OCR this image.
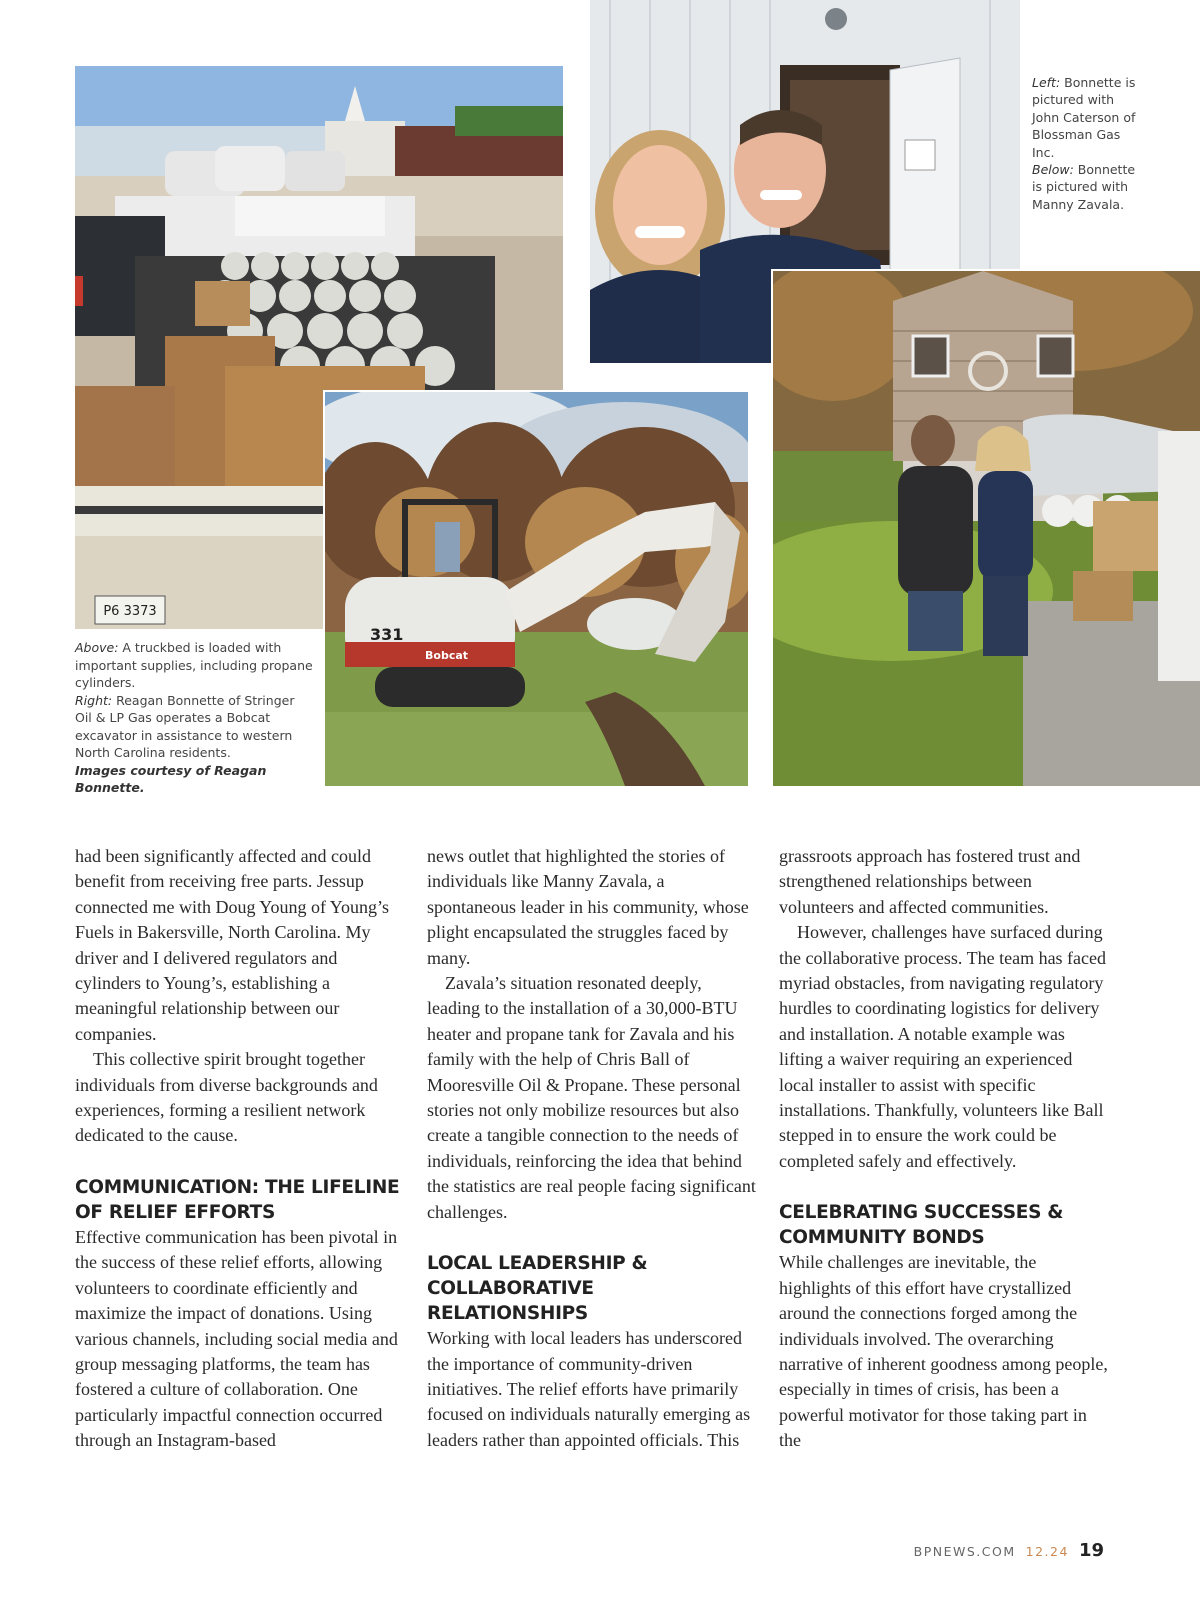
P6 3373
Left: Bonnette is pictured with John Caterson of Blossman Gas Inc.
Below: Bonnette is pictured with Manny Zavala.
331
Bobcat
Above: A truckbed is loaded with important supplies, including propane cylinders.
Right: Reagan Bonnette of Stringer Oil & LP Gas operates a Bobcat excavator in assistance to western North Carolina residents.
Images courtesy of Reagan Bonnette.

had been significantly affected and could benefit from receiving free parts. Jessup connected me with Doug Young of Young’s Fuels in Bakersville, North Carolina. My driver and I delivered regulators and cylinders to Young’s, establishing a meaningful relationship between our companies.

This collective spirit brought together individuals from diverse backgrounds and experiences, forming a resilient network dedicated to the cause.

COMMUNICATION: THE LIFELINE OF RELIEF EFFORTS

Effective communication has been pivotal in the success of these relief efforts, allowing volunteers to coordinate efficiently and maximize the impact of donations. Using various channels, including social media and group messaging platforms, the team has fostered a culture of collaboration. One particularly impactful connection occurred through an Instagram-based

news outlet that highlighted the stories of individuals like Manny Zavala, a spontaneous leader in his community, whose plight encapsulated the struggles faced by many.

Zavala’s situation resonated deeply, leading to the installation of a 30,000-BTU heater and propane tank for Zavala and his family with the help of Chris Ball of Mooresville Oil & Propane. These personal stories not only mobilize resources but also create a tangible connection to the needs of individuals, reinforcing the idea that behind the statistics are real people facing significant challenges.

LOCAL LEADERSHIP & COLLABORATIVE RELATIONSHIPS

Working with local leaders has underscored the importance of community-driven initiatives. The relief efforts have primarily focused on individuals naturally emerging as leaders rather than appointed officials. This

grassroots approach has fostered trust and strengthened relationships between volunteers and affected communities.

However, challenges have surfaced during the collaborative process. The team has faced myriad obstacles, from navigating regulatory hurdles to coordinating logistics for delivery and installation. A notable example was lifting a waiver requiring an experienced local installer to assist with specific installations. Thankfully, volunteers like Ball stepped in to ensure the work could be completed safely and effectively.

CELEBRATING SUCCESSES & COMMUNITY BONDS

While challenges are inevitable, the highlights of this effort have crystallized around the connections forged among the individuals involved. The overarching narrative of inherent goodness among people, especially in times of crisis, has been a powerful motivator for those taking part in the

BPNEWS.COM 12.24 19
